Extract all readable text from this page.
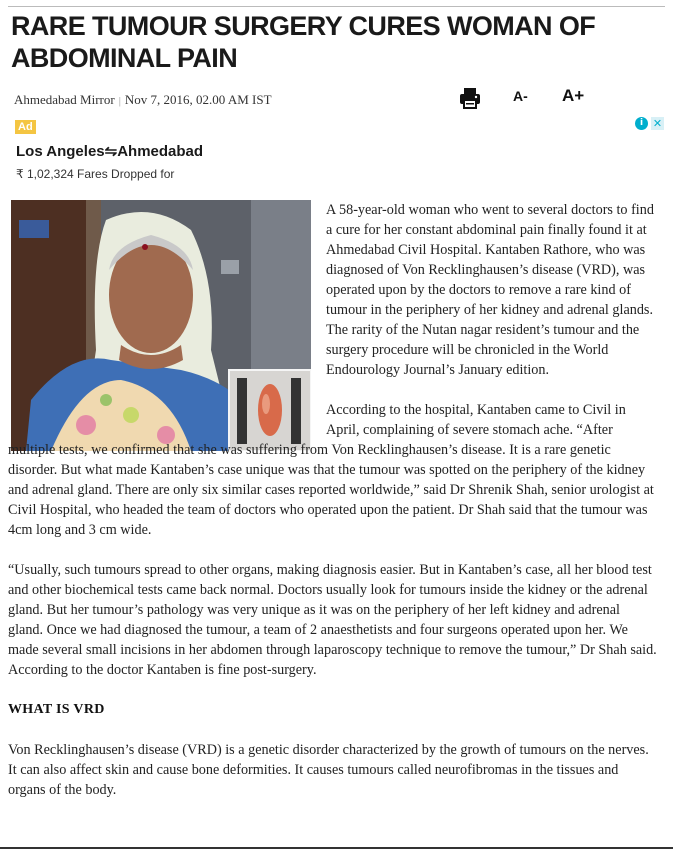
RARE TUMOUR SURGERY CURES WOMAN OF ABDOMINAL PAIN
Ahmedabad Mirror | Nov 7, 2016, 02.00 AM IST	A- A+
Ad	i ✕
Los Angeles⇋Ahmedabad
₹ 1,02,324 Fares Dropped for

A 58-year-old woman who went to several doctors to find a cure for her constant abdominal pain finally found it at Ahmedabad Civil Hospital. Kantaben Rathore, who was diagnosed of Von Recklinghausen’s disease (VRD), was operated upon by the doctors to remove a rare kind of tumour in the periphery of her kidney and adrenal glands. The rarity of the Nutan nagar resident’s tumour and the surgery procedure will be chronicled in the World Endourology Journal’s January edition.

According to the hospital, Kantaben came to Civil in April, complaining of severe stomach ache. “After multiple tests, we confirmed that she was suffering from Von Recklinghausen’s disease. It is a rare genetic disorder. But what made Kantaben’s case unique was that the tumour was spotted on the periphery of the kidney and adrenal gland. There are only six similar cases reported worldwide,” said Dr Shrenik Shah, senior urologist at Civil Hospital, who headed the team of doctors who operated upon the patient. Dr Shah said that the tumour was 4cm long and 3 cm wide.

“Usually, such tumours spread to other organs, making diagnosis easier. But in Kantaben’s case, all her blood test and other biochemical tests came back normal. Doctors usually look for tumours inside the kidney or the adrenal gland. But her tumour’s pathology was very unique as it was on the periphery of her left kidney and adrenal gland. Once we had diagnosed the tumour, a team of 2 anaesthetists and four surgeons operated upon her. We made several small incisions in her abdomen through laparoscopy technique to remove the tumour,” Dr Shah said. According to the doctor Kantaben is fine post-surgery.

WHAT IS VRD

Von Recklinghausen’s disease (VRD) is a genetic disorder characterized by the growth of tumours on the nerves. It can also affect skin and cause bone deformities. It causes tumours called neurofibromas in the tissues and organs of the body.
